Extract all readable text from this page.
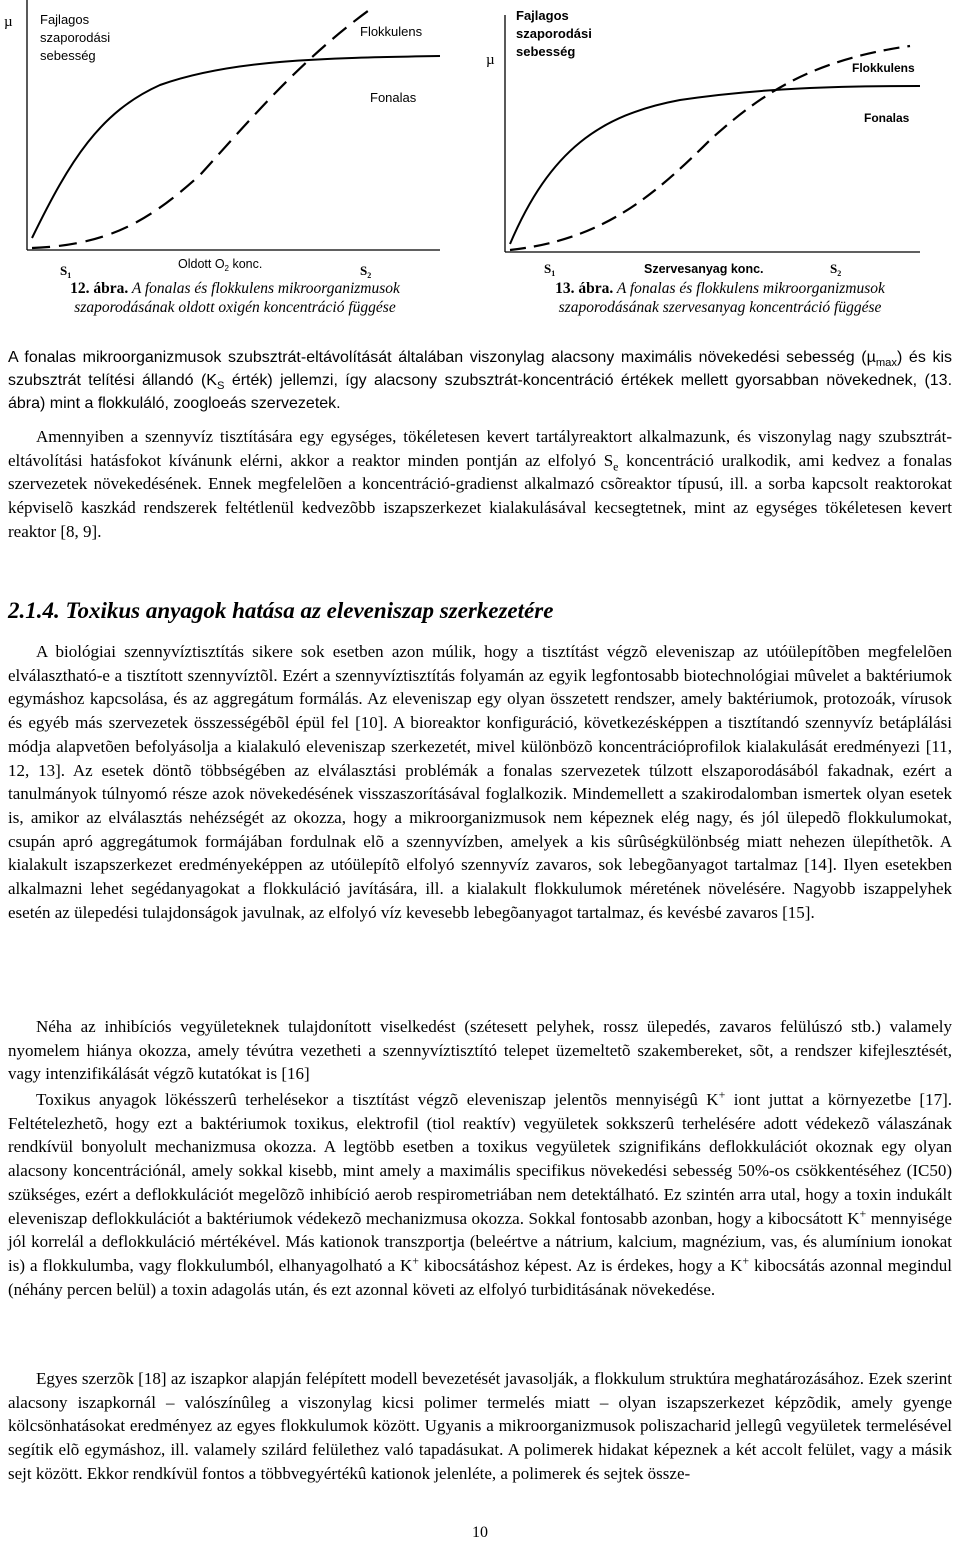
µ Fajlagos
szaporodási
sebesség
Flokkulens
Fonalas
Oldott $O_2$ konc.
$S_1$	$S_2$
12. ábra. A fonalas és flokkulens mikroorganizmusok
szaporodásának oldott oxigén koncentráció függése
µ
Fajlagos
szaporodási
sebesség
Flokkulens
Fonalas
Szervesanyag konc.
$S_1$	$S_2$
13. ábra. A fonalas és flokkulens mikroorganizmusok
szaporodásának szervesanyag koncentráció függése

A fonalas mikroorganizmusok szubsztrát-eltávolítását általában viszonylag alacsony maximális növekedési sebesség (µ$_{max}$) és kis szubsztrát telítési állandó ($K_S$ érték) jellemzi, így alacsony szubsztrát-koncentráció értékek mellett gyorsabban növekednek, (13. ábra) mint a flokkuláló, zoogloeás szervezetek.

Amennyiben a szennyvíz tisztítására egy egységes, tökéletesen kevert tartályreaktort alkalmazunk, és viszonylag nagy szubsztrát-eltávolítási hatásfokot kívánunk elérni, akkor a reaktor minden pontján az elfolyó $S_e$ koncentráció uralkodik, ami kedvez a fonalas szervezetek növekedésének. Ennek megfelelõen a koncentráció-gradienst alkalmazó csõreaktor típusú, ill. a sorba kapcsolt reaktorokat képviselõ kaszkád rendszerek feltétlenül kedvezõbb iszapszerkezet kialakulásával kecsegtetnek, mint az egységes tökéletesen kevert reaktor [8, 9].

2.1.4. Toxikus anyagok hatása az eleveniszap szerkezetére

A biológiai szennyvíztisztítás sikere sok esetben azon múlik, hogy a tisztítást végzõ eleveniszap az utóülepítõben megfelelõen elválasztható-e a tisztított szennyvíztõl. Ezért a szennyvíztisztítás folyamán az egyik legfontosabb biotechnológiai mûvelet a baktériumok egymáshoz kapcsolása, és az aggregátum formálás. Az eleveniszap egy olyan összetett rendszer, amely baktériumok, protozoák, vírusok és egyéb más szervezetek összességébõl épül fel [10]. A bioreaktor konfiguráció, következésképpen a tisztítandó szennyvíz betáplálási módja alapvetõen befolyásolja a kialakuló eleveniszap szerkezetét, mivel különbözõ koncentrációprofilok kialakulását eredményezi [11, 12, 13]. Az esetek döntõ többségében az elválasztási problémák a fonalas szervezetek túlzott elszaporodásából fakadnak, ezért a tanulmányok túlnyomó része azok növekedésének visszaszorításával foglalkozik. Mindemellett a szakirodalomban ismertek olyan esetek is, amikor az elválasztás nehézségét az okozza, hogy a mikroorganizmusok nem képeznek elég nagy, és jól ülepedõ flokkulumokat, csupán apró aggregátumok formájában fordulnak elõ a szennyvízben, amelyek a kis sûrûségkülönbség miatt nehezen ülepíthetõk. A kialakult iszapszerkezet eredményeképpen az utóülepítõ elfolyó szennyvíz zavaros, sok lebegõanyagot tartalmaz [14]. Ilyen esetekben alkalmazni lehet segédanyagokat a flokkuláció javítására, ill. a kialakult flokkulumok méretének növelésére. Nagyobb iszappelyhek esetén az ülepedési tulajdonságok javulnak, az elfolyó víz kevesebb lebegõanyagot tartalmaz, és kevésbé zavaros [15].

Néha az inhibíciós vegyületeknek tulajdonított viselkedést (szétesett pelyhek, rossz ülepedés, zavaros felülúszó stb.) valamely nyomelem hiánya okozza, amely tévútra vezetheti a szennyvíztisztító telepet üzemeltetõ szakembereket, sõt, a rendszer kifejlesztését, vagy intenzifikálását végzõ kutatókat is [16]

Toxikus anyagok lökésszerû terhelésekor a tisztítást végzõ eleveniszap jelentõs mennyiségû K+ iont juttat a környezetbe [17]. Feltételezhetõ, hogy ezt a baktériumok toxikus, elektrofil (tiol reaktív) vegyületek sokkszerû terhelésére adott védekezõ válaszának rendkívül bonyolult mechanizmusa okozza. A legtöbb esetben a toxikus vegyületek szignifikáns deflokkulációt okoznak egy olyan alacsony koncentrációnál, amely sokkal kisebb, mint amely a maximális specifikus növekedési sebesség 50%-os csökkentéséhez (IC50) szükséges, ezért a deflokkulációt megelõzõ inhibíció aerob respirometriában nem detektálható. Ez szintén arra utal, hogy a toxin indukált eleveniszap deflokkulációt a baktériumok védekezõ mechanizmusa okozza. Sokkal fontosabb azonban, hogy a kibocsátott K+ mennyisége jól korrelál a deflokkuláció mértékével. Más kationok transzportja (beleértve a nátrium, kalcium, magnézium, vas, és alumínium ionokat is) a flokkulumba, vagy flokkulumból, elhanyagolható a K+ kibocsátáshoz képest. Az is érdekes, hogy a K+ kibocsátás azonnal megindul (néhány percen belül) a toxin adagolás után, és ezt azonnal követi az elfolyó turbiditásának növekedése.

Egyes szerzõk [18] az iszapkor alapján felépített modell bevezetését javasolják, a flokkulum struktúra meghatározásához. Ezek szerint alacsony iszapkornál – valószínûleg a viszonylag kicsi polimer termelés miatt – olyan iszapszerkezet képzõdik, amely gyenge kölcsönhatásokat eredményez az egyes flokkulumok között. Ugyanis a mikroorganizmusok poliszacharid jellegû vegyületek termelésével segítik elõ egymáshoz, ill. valamely szilárd felülethez való tapadásukat. A polimerek hidakat képeznek a két accolt felület, vagy a másik sejt között. Ekkor rendkívül fontos a többvegyértékû kationok jelenléte, a polimerek és sejtek össze-

10
